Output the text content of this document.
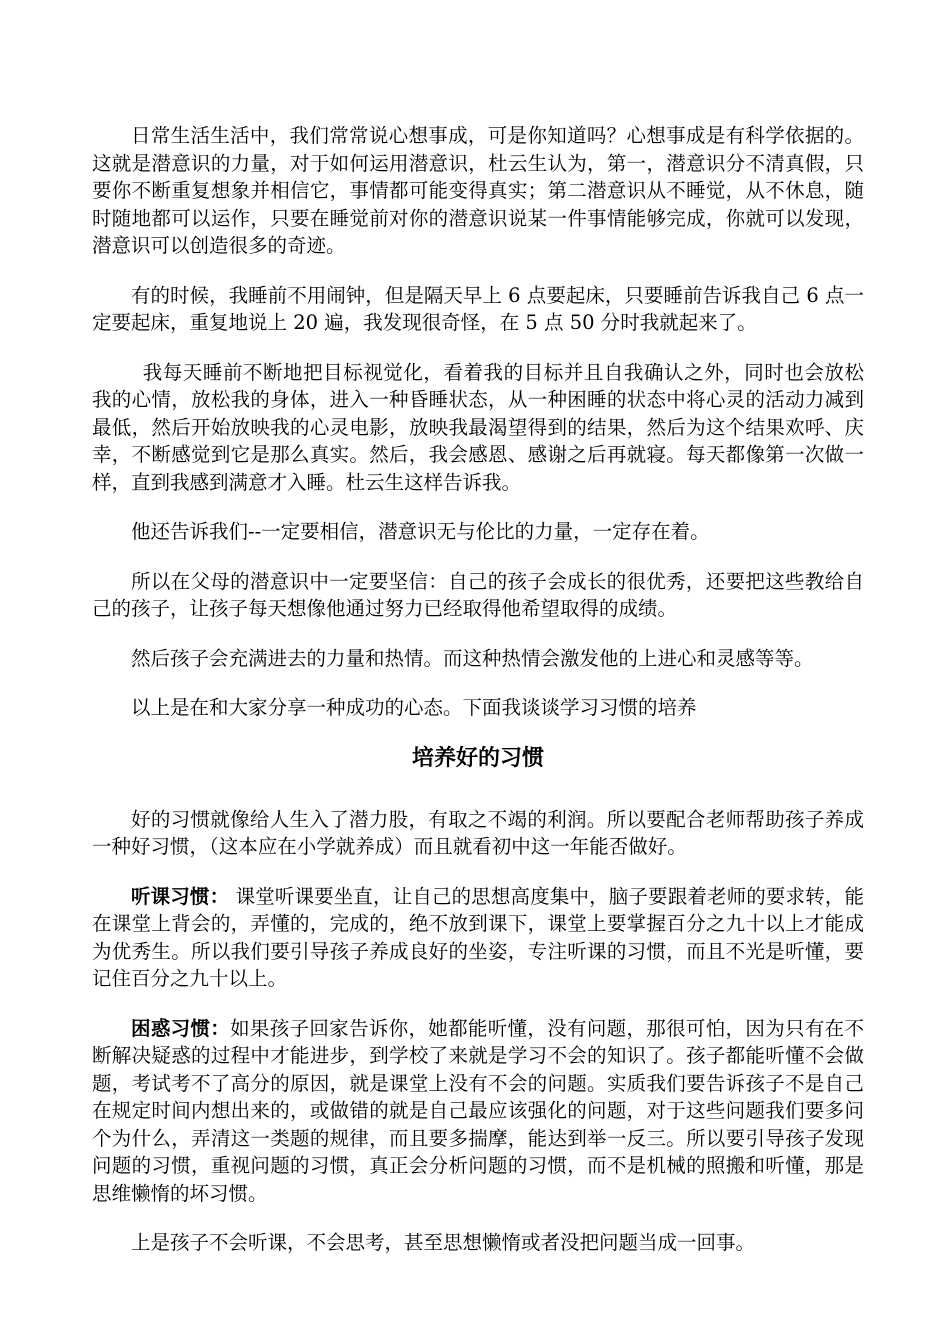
日常生活生活中，我们常常说心想事成，可是你知道吗？心想事成是有科学依据的。这就是潜意识的力量，对于如何运用潜意识，杜云生认为，第一，潜意识分不清真假，只要你不断重复想象并相信它，事情都可能变得真实；第二潜意识从不睡觉，从不休息，随时随地都可以运作，只要在睡觉前对你的潜意识说某一件事情能够完成，你就可以发现，潜意识可以创造很多的奇迹。

有的时候，我睡前不用闹钟，但是隔天早上 6 点要起床，只要睡前告诉我自己 6 点一定要起床，重复地说上 20 遍，我发现很奇怪，在 5 点 50 分时我就起来了。

我每天睡前不断地把目标视觉化，看着我的目标并且自我确认之外，同时也会放松我的心情，放松我的身体，进入一种昏睡状态，从一种困睡的状态中将心灵的活动力减到最低，然后开始放映我的心灵电影，放映我最渴望得到的结果，然后为这个结果欢呼、庆幸，不断感觉到它是那么真实。然后，我会感恩、感谢之后再就寝。每天都像第一次做一样，直到我感到满意才入睡。杜云生这样告诉我。

他还告诉我们--一定要相信，潜意识无与伦比的力量，一定存在着。

所以在父母的潜意识中一定要坚信：自己的孩子会成长的很优秀，还要把这些教给自己的孩子，让孩子每天想像他通过努力已经取得他希望取得的成绩。

然后孩子会充满进去的力量和热情。而这种热情会激发他的上进心和灵感等等。

以上是在和大家分享一种成功的心态。下面我谈谈学习习惯的培养

培养好的习惯

好的习惯就像给人生入了潜力股，有取之不竭的利润。所以要配合老师帮助孩子养成一种好习惯，（这本应在小学就养成）而且就看初中这一年能否做好。

听课习惯： 课堂听课要坐直，让自己的思想高度集中，脑子要跟着老师的要求转，能在课堂上背会的，弄懂的，完成的，绝不放到课下，课堂上要掌握百分之九十以上才能成为优秀生。所以我们要引导孩子养成良好的坐姿，专注听课的习惯，而且不光是听懂，要记住百分之九十以上。

困惑习惯：如果孩子回家告诉你，她都能听懂，没有问题，那很可怕，因为只有在不断解决疑惑的过程中才能进步，到学校了来就是学习不会的知识了。孩子都能听懂不会做题，考试考不了高分的原因，就是课堂上没有不会的问题。实质我们要告诉孩子不是自己在规定时间内想出来的，或做错的就是自己最应该强化的问题，对于这些问题我们要多问个为什么，弄清这一类题的规律，而且要多揣摩，能达到举一反三。所以要引导孩子发现问题的习惯，重视问题的习惯，真正会分析问题的习惯，而不是机械的照搬和听懂，那是思维懒惰的坏习惯。

上是孩子不会听课，不会思考，甚至思想懒惰或者没把问题当成一回事。
